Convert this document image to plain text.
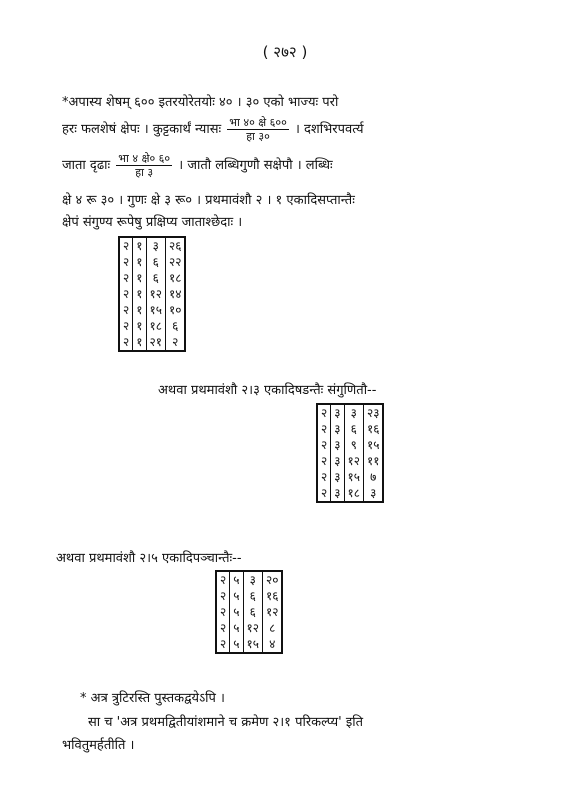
( २७२ )
*अपास्य शेषम् ६०० इतरयोरेतयोः ४० । ३० एको भाज्यः परो
हरः फलशेषं क्षेपः । कुट्टकार्थं न्यासः $\frac{\text{भा ४० क्षे ६००}}{\text{हा ३०}}$ । दशभिरपवर्त्य
जाता दृढाः $\frac{\text{भा ४ क्षे० ६०}}{\text{हा ३}}$ । जातौ लब्धिगुणौ सक्षेपौ । लब्धिः
क्षे ४ रू ३० । गुणः क्षे ३ रू० । प्रथमावंशौ २ । १ एकादिसप्तान्तैः
क्षेपं संगुण्य रूपेषु प्रक्षिप्य जाताश्छेदाः ।
२	१	३	२६
२	१	६	२२
२	१	६	१८
२	१	१२	१४
२	१	१५	१०
२	१	१८	६
२	१	२१	२
अथवा प्रथमावंशौ २।३ एकादिषडन्तैः संगुणितौ--
२	३	३	२३
२	३	६	१६
२	३	९	१५
२	३	१२	११
२	३	१५	७
२	३	१८	३
अथवा प्रथमावंशौ २।५ एकादिपञ्चान्तैः--
२	५	३	२०
२	५	६	१६
२	५	६	१२
२	५	१२	८
२	५	१५	४
* अत्र त्रुटिरस्ति पुस्तकद्वयेऽपि ।
सा च 'अत्र प्रथमद्वितीयांशमाने च क्रमेण २।१ परिकल्प्य' इति
भवितुमर्हतीति ।
